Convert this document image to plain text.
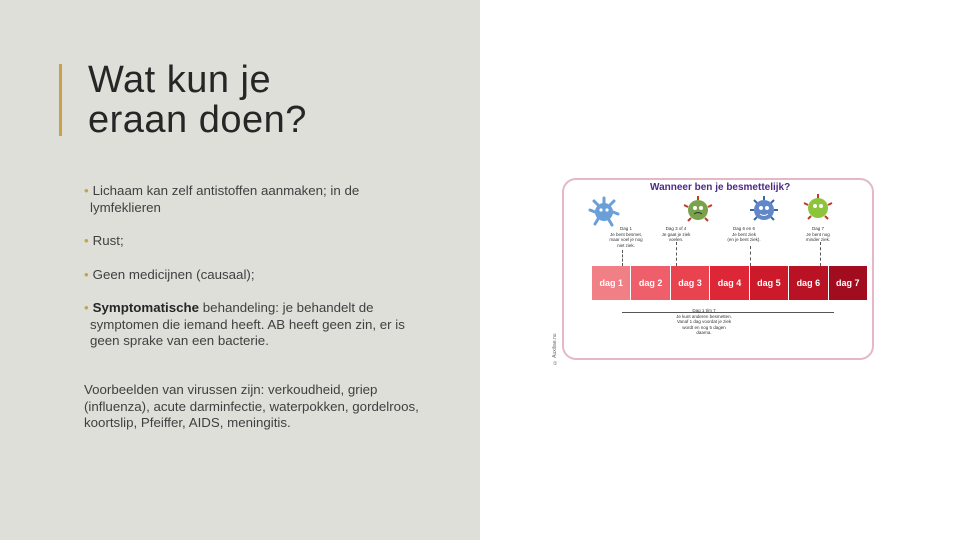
Wat kun je
eraan doen?
• Lichaam kan zelf antistoffen aanmaken; in de lymfeklieren
• Rust;
• Geen medicijnen (causaal);
• Symptomatische behandeling: je behandelt de symptomen die iemand heeft. AB heeft geen zin, er is geen sprake van een bacterie.

Voorbeelden van virussen zijn: verkoudheid, griep (influenza), acute darminfectie, waterpokken, gordelroos, koortslip, Pfeiffer, AIDS, meningitis.

© Auxiliae.nu
Wanneer ben je besmettelijk?
Dag 1
Je bent besmet,
maar voel je nog
niet ziek.
Dag 3 of 4
Je gaat je ziek
voelen.
Dag 6 en 6
Je bent ziek
(en je bent ziek).
Dag 7
Je bent nog
minder ziek.
dag 1	dag 2	dag 3	dag 4	dag 5	dag 6	dag 7
Dag 1 t/m 7
Je kunt anderen besmetten.
Vanaf 1 dag voordat je ziek
wordt en nog 5 dagen
daarna.
